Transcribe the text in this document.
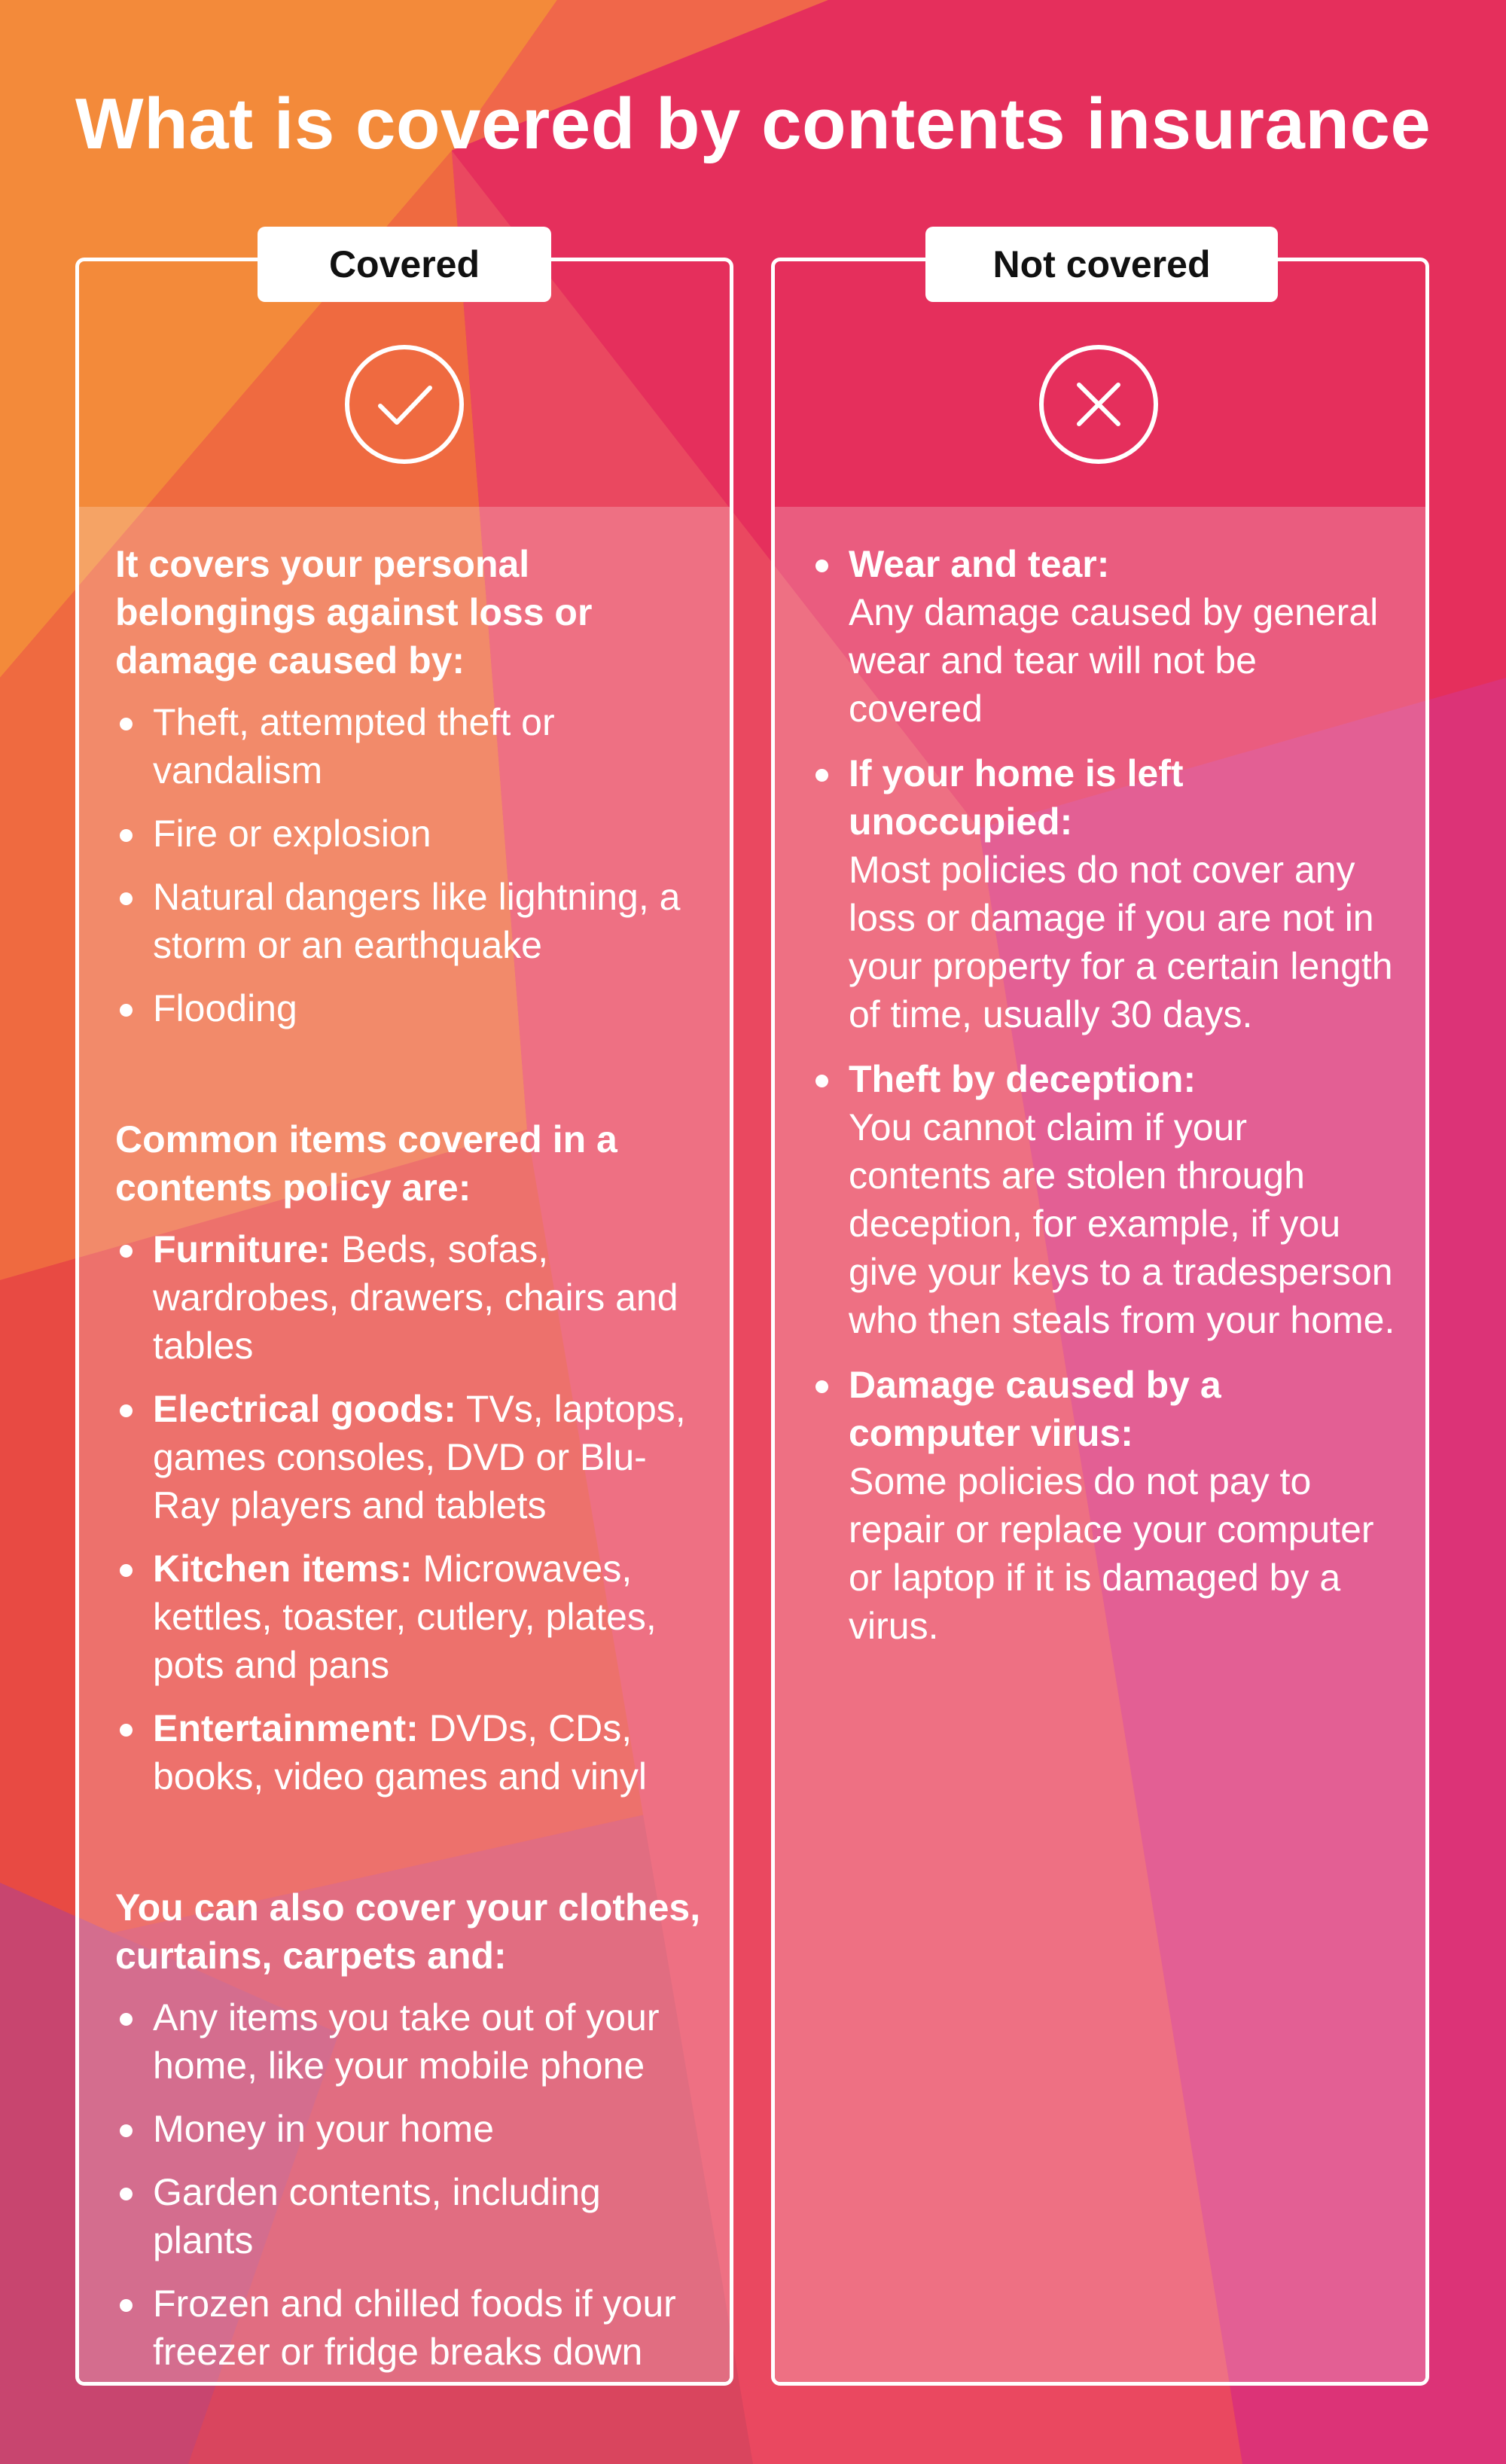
What is covered by contents insurance
Covered

It covers your personal belongings against loss or damage caused by:

Theft, attempted theft or vandalism
Fire or explosion
Natural dangers like lightning, a storm or an earthquake
Flooding

Common items covered in a contents policy are:

Furniture: Beds, sofas, wardrobes, drawers, chairs and tables
Electrical goods: TVs, laptops, games consoles, DVD or Blu-Ray players and tablets
Kitchen items: Microwaves, kettles, toaster, cutlery, plates, pots and pans
Entertainment: DVDs, CDs, books, video games and vinyl

You can also cover your clothes, curtains, carpets and:

Any items you take out of your home, like your mobile phone
Money in your home
Garden contents, including plants
Frozen and chilled foods if your freezer or fridge breaks down
Not covered
Wear and tear:
Any damage caused by general wear and tear will not be covered
If your home is left unoccupied:
Most policies do not cover any loss or damage if you are not in your property for a certain length of time, usually 30 days.
Theft by deception:
You cannot claim if your contents are stolen through deception, for example, if you give your keys to a tradesperson who then steals from your home.
Damage caused by a computer virus:
Some policies do not pay to repair or replace your computer or laptop if it is damaged by a virus.
